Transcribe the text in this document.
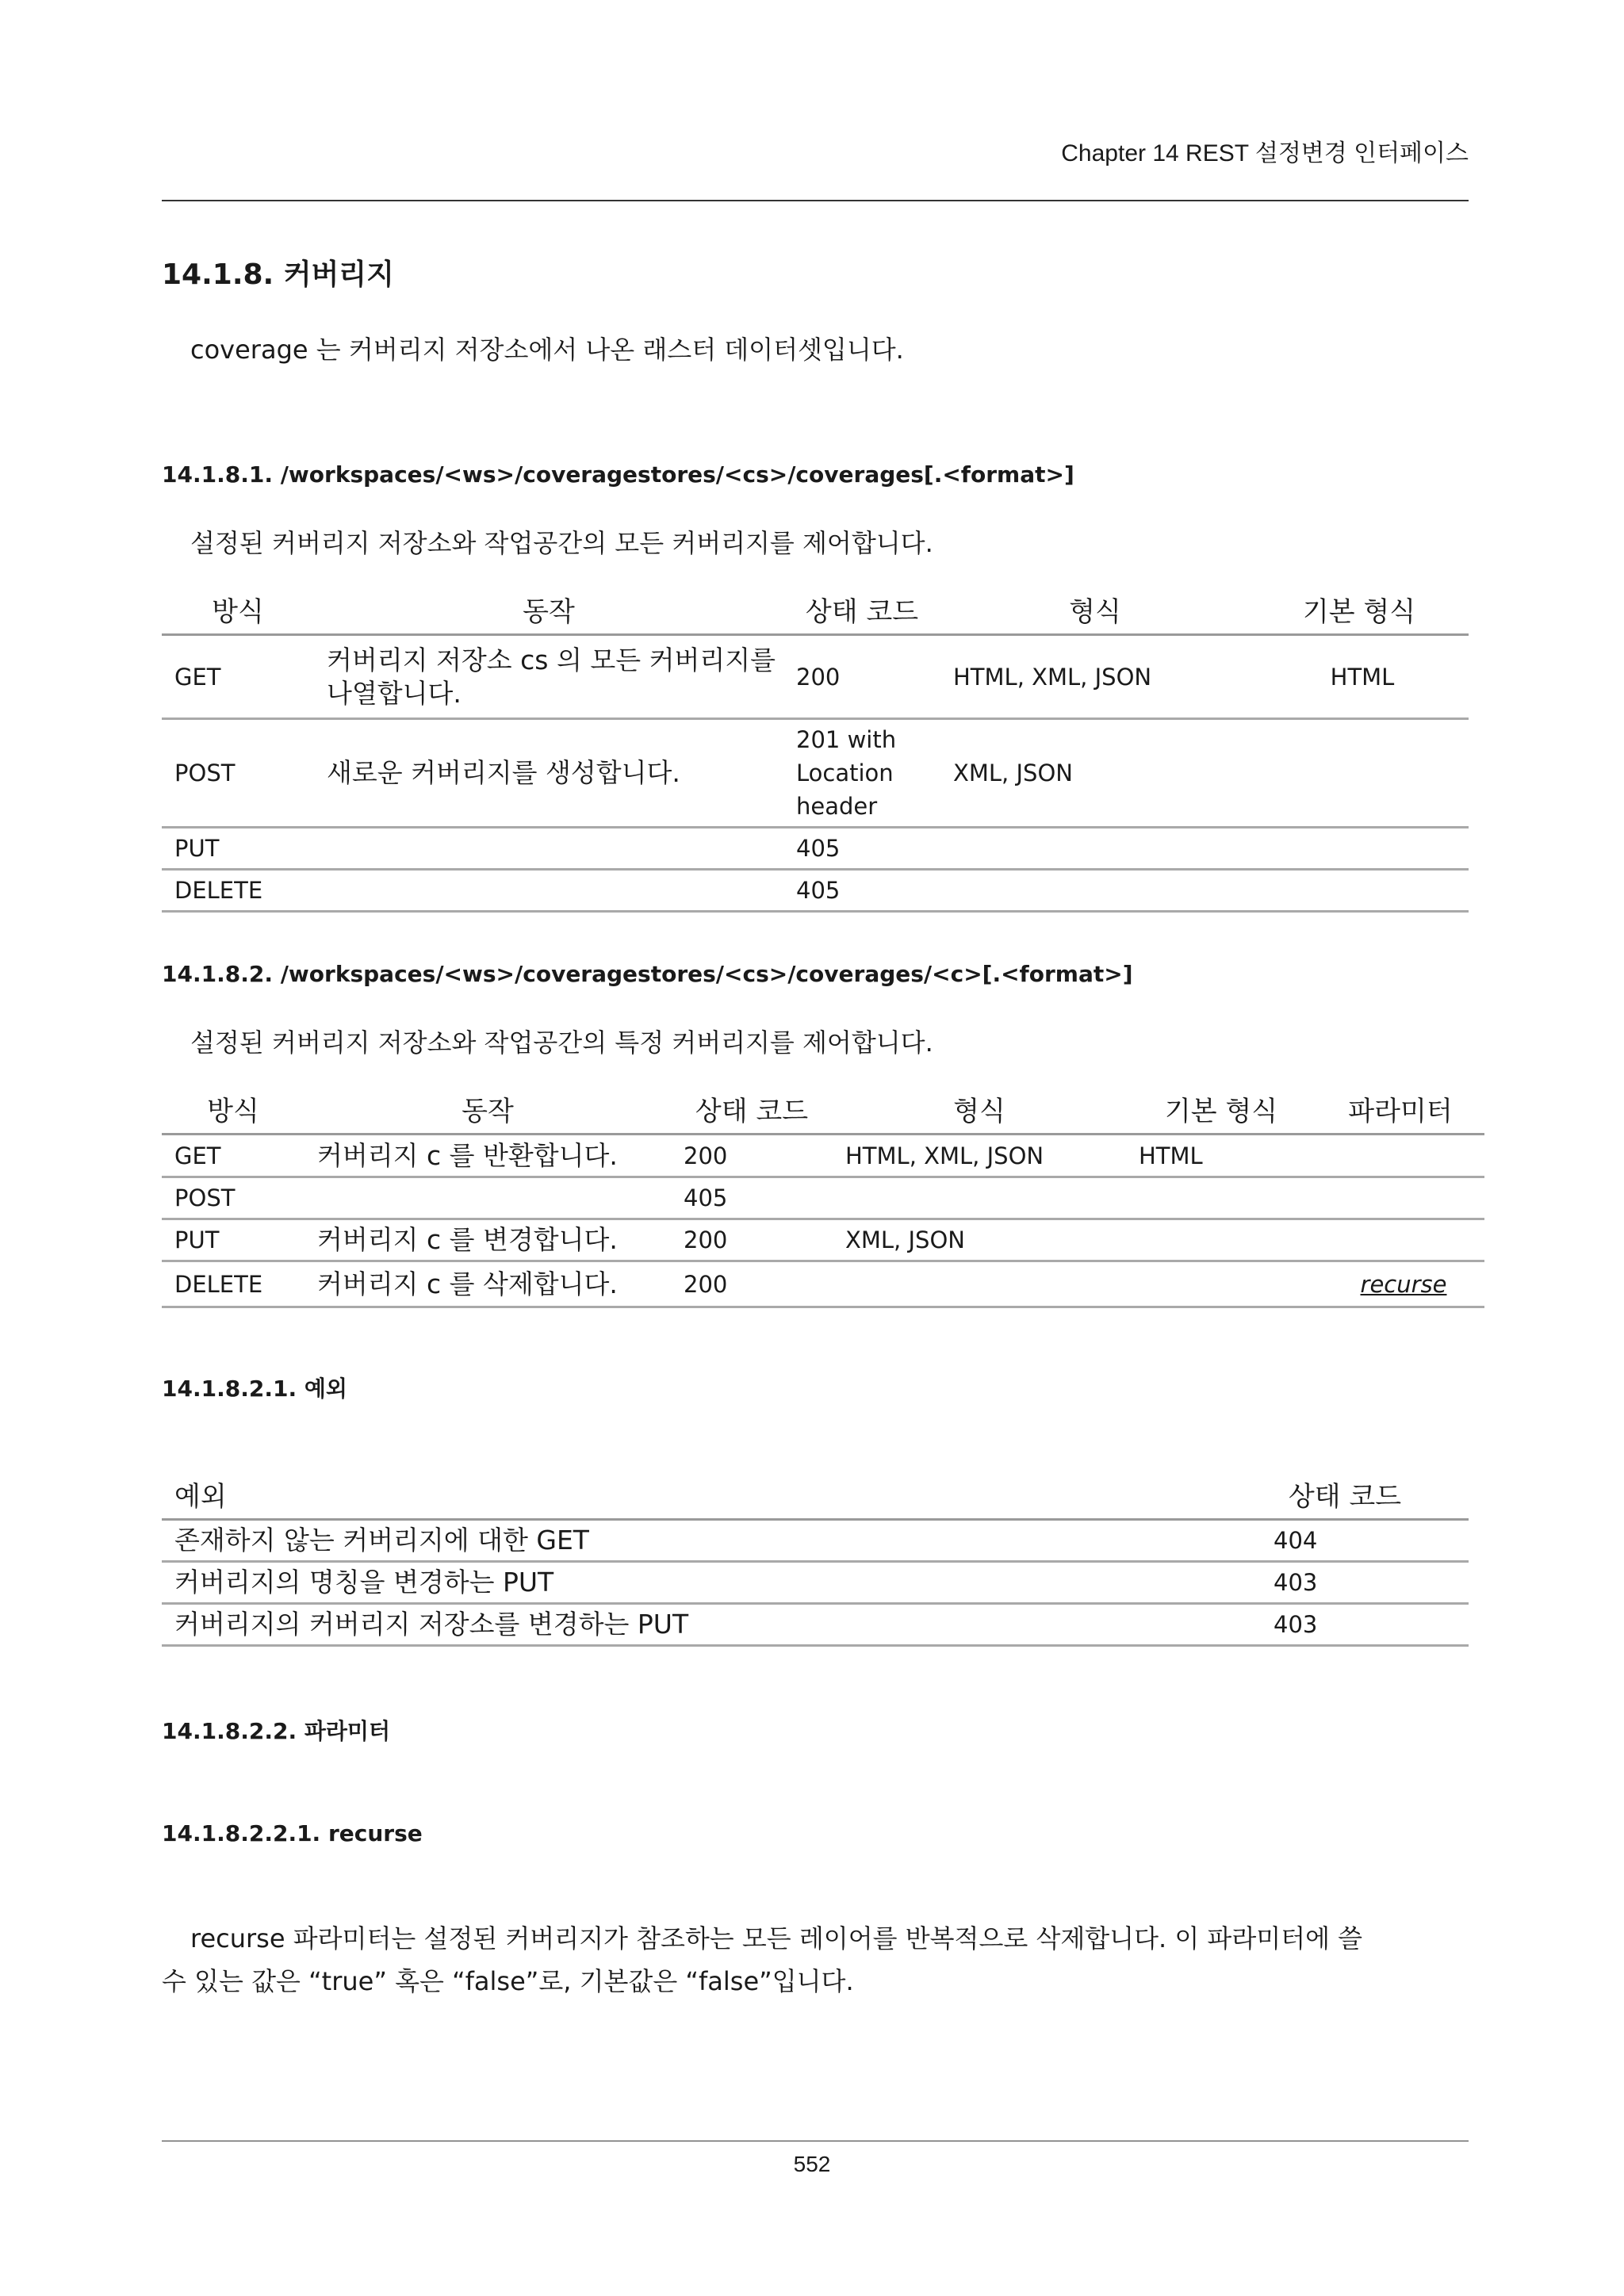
Chapter 14 REST 설정변경 인터페이스
14.1.8. 커버리지
coverage 는 커버리지 저장소에서 나온 래스터 데이터셋입니다.
14.1.8.1. /workspaces/<ws>/coveragestores/<cs>/coverages[.<format>]
설정된 커버리지 저장소와 작업공간의 모든 커버리지를 제어합니다.
방식	동작	상태 코드	형식	기본 형식
GET	커버리지 저장소 cs 의 모든 커버리지를 나열합니다.	200	HTML, XML, JSON	HTML
POST	새로운 커버리지를 생성합니다.	201 with Location header	XML, JSON	
PUT		405		
DELETE		405		
14.1.8.2. /workspaces/<ws>/coveragestores/<cs>/coverages/<c>[.<format>]
설정된 커버리지 저장소와 작업공간의 특정 커버리지를 제어합니다.
방식	동작	상태 코드	형식	기본 형식	파라미터
GET	커버리지 c 를 반환합니다.	200	HTML, XML, JSON	HTML	
POST		405			
PUT	커버리지 c 를 변경합니다.	200	XML, JSON		
DELETE	커버리지 c 를 삭제합니다.	200			recurse
14.1.8.2.1. 예외
예외	상태 코드
존재하지 않는 커버리지에 대한 GET	404
커버리지의 명칭을 변경하는 PUT	403
커버리지의 커버리지 저장소를 변경하는 PUT	403
14.1.8.2.2. 파라미터
14.1.8.2.2.1. recurse
recurse 파라미터는 설정된 커버리지가 참조하는 모든 레이어를 반복적으로 삭제합니다. 이 파라미터에 쓸
수 있는 값은 “true” 혹은 “false”로, 기본값은 “false”입니다.
552
